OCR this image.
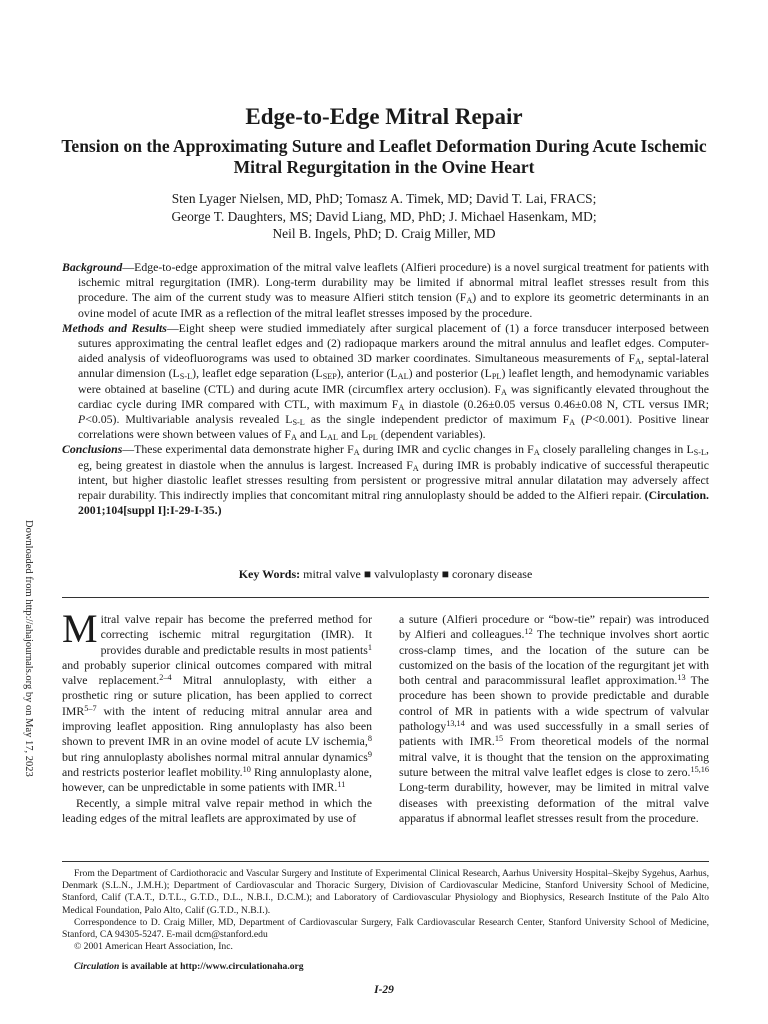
Downloaded from http://ahajournals.org by on May 17, 2023
Edge-to-Edge Mitral Repair
Tension on the Approximating Suture and Leaflet Deformation During Acute Ischemic Mitral Regurgitation in the Ovine Heart
Sten Lyager Nielsen, MD, PhD; Tomasz A. Timek, MD; David T. Lai, FRACS;
George T. Daughters, MS; David Liang, MD, PhD; J. Michael Hasenkam, MD;
Neil B. Ingels, PhD; D. Craig Miller, MD

Background—Edge-to-edge approximation of the mitral valve leaflets (Alfieri procedure) is a novel surgical treatment for patients with ischemic mitral regurgitation (IMR). Long-term durability may be limited if abnormal mitral leaflet stresses result from this procedure. The aim of the current study was to measure Alfieri stitch tension $(F_A)$ and to explore its geometric determinants in an ovine model of acute IMR as a reflection of the mitral leaflet stresses imposed by the procedure.

Methods and Results—Eight sheep were studied immediately after surgical placement of (1) a force transducer interposed between sutures approximating the central leaflet edges and (2) radiopaque markers around the mitral annulus and leaflet edges. Computer-aided analysis of videofluorograms was used to obtained 3D marker coordinates. Simultaneous measurements of $F_A$, septal-lateral annular dimension $(L_{S-L})$, leaflet edge separation $(L_{SEP})$, anterior $(L_{AL})$ and posterior $(L_{PL})$ leaflet length, and hemodynamic variables were obtained at baseline (CTL) and during acute IMR (circumflex artery occlusion). $F_A$ was significantly elevated throughout the cardiac cycle during IMR compared with CTL, with maximum $F_A$ in diastole (0.26±0.05 versus 0.46±0.08 N, CTL versus IMR; P<0.05). Multivariable analysis revealed $L_{S-L}$ as the single independent predictor of maximum $F_A$ (P<0.001). Positive linear correlations were shown between values of $F_A$ and $L_{AL}$ and $L_{PL}$ (dependent variables).

Conclusions—These experimental data demonstrate higher $F_A$ during IMR and cyclic changes in $F_A$ closely paralleling changes in $L_{S-L}$, eg, being greatest in diastole when the annulus is largest. Increased $F_A$ during IMR is probably indicative of successful therapeutic intent, but higher diastolic leaflet stresses resulting from persistent or progressive mitral annular dilatation may adversely affect repair durability. This indirectly implies that concomitant mitral ring annuloplasty should be added to the Alfieri repair. (Circulation. 2001;104[suppl I]:I-29-I-35.)

Key Words: mitral valve ■ valvuloplasty ■ coronary disease

Mitral valve repair has become the preferred method for correcting ischemic mitral regurgitation (IMR). It provides durable and predictable results in most patients$^1$ and probably superior clinical outcomes compared with mitral valve replacement.$^{2-4}$ Mitral annuloplasty, with either a prosthetic ring or suture plication, has been applied to correct IMR$^{5-7}$ with the intent of reducing mitral annular area and improving leaflet apposition. Ring annuloplasty has also been shown to prevent IMR in an ovine model of acute LV ischemia,$^8$ but ring annuloplasty abolishes normal mitral annular dynamics$^9$ and restricts posterior leaflet mobility.$^{10}$ Ring annuloplasty alone, however, can be unpredictable in some patients with IMR.$^{11}$

Recently, a simple mitral valve repair method in which the leading edges of the mitral leaflets are approximated by use of

a suture (Alfieri procedure or “bow-tie” repair) was introduced by Alfieri and colleagues.$^{12}$ The technique involves short aortic cross-clamp times, and the location of the suture can be customized on the basis of the location of the regurgitant jet with both central and paracommissural leaflet approximation.$^{13}$ The procedure has been shown to provide predictable and durable control of MR in patients with a wide spectrum of valvular pathology$^{13,14}$ and was used successfully in a small series of patients with IMR.$^{15}$ From theoretical models of the normal mitral valve, it is thought that the tension on the approximating suture between the mitral valve leaflet edges is close to zero.$^{15,16}$ Long-term durability, however, may be limited in mitral valve diseases with preexisting deformation of the mitral valve apparatus if abnormal leaflet stresses result from the procedure.

From the Department of Cardiothoracic and Vascular Surgery and Institute of Experimental Clinical Research, Aarhus University Hospital–Skejby Sygehus, Aarhus, Denmark (S.L.N., J.M.H.); Department of Cardiovascular and Thoracic Surgery, Division of Cardiovascular Medicine, Stanford University School of Medicine, Stanford, Calif (T.A.T., D.T.L., G.T.D., D.L., N.B.I., D.C.M.); and Laboratory of Cardiovascular Physiology and Biophysics, Research Institute of the Palo Alto Medical Foundation, Palo Alto, Calif (G.T.D., N.B.I.).

Correspondence to D. Craig Miller, MD, Department of Cardiovascular Surgery, Falk Cardiovascular Research Center, Stanford University School of Medicine, Stanford, CA 94305-5247. E-mail dcm@stanford.edu

© 2001 American Heart Association, Inc.

Circulation is available at http://www.circulationaha.org

I-29
